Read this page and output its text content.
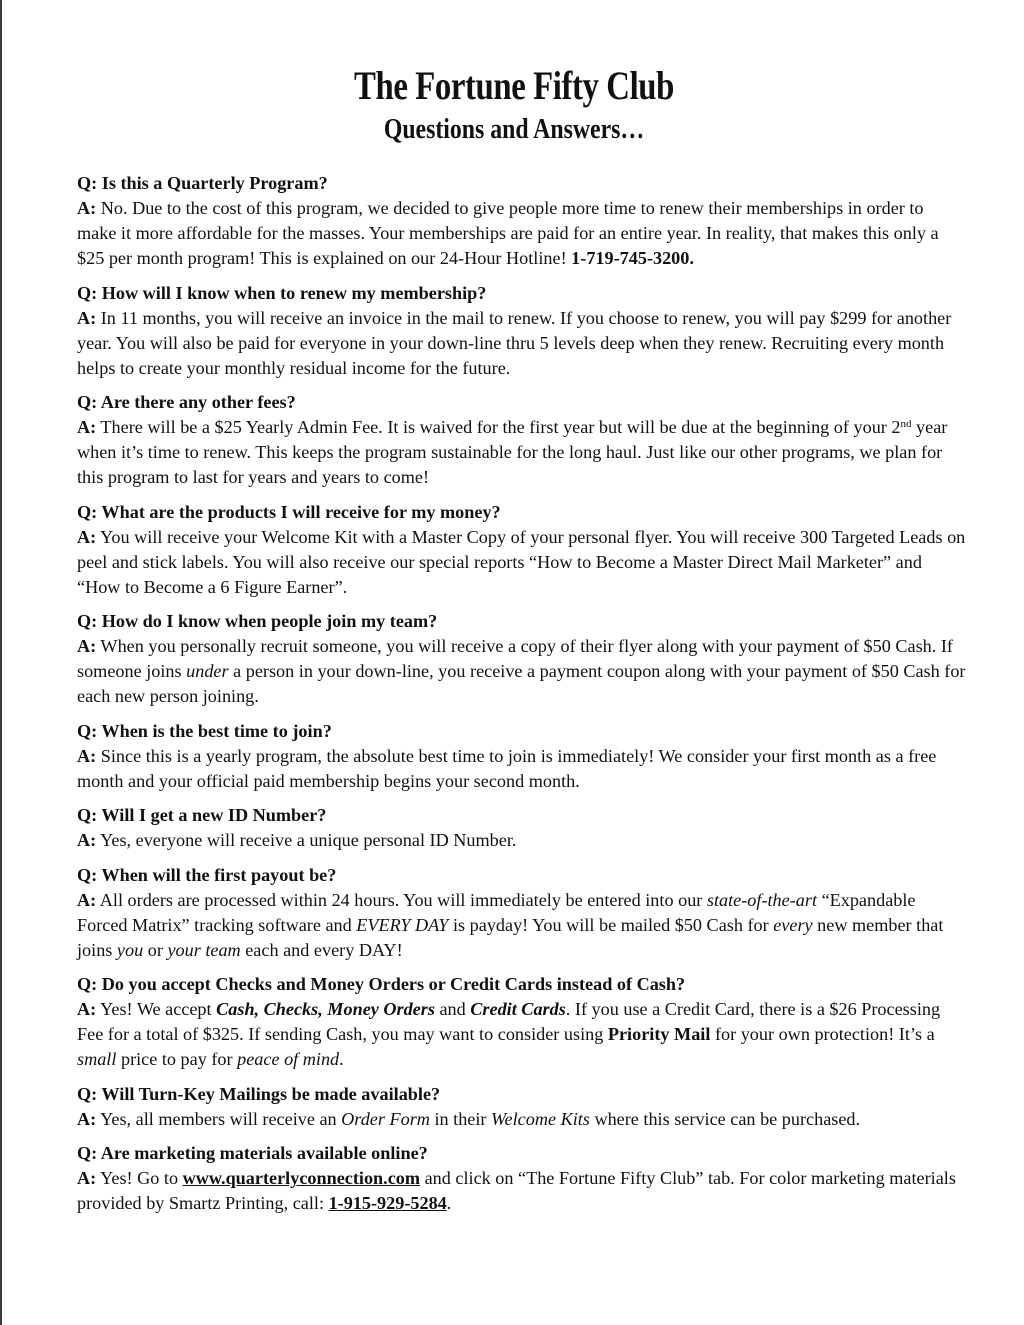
The Fortune Fifty Club
Questions and Answers…
Q: Is this a Quarterly Program?
A: No. Due to the cost of this program, we decided to give people more time to renew their memberships in order to make it more affordable for the masses. Your memberships are paid for an entire year. In reality, that makes this only a $25 per month program! This is explained on our 24-Hour Hotline! 1-719-745-3200.
Q: How will I know when to renew my membership?
A: In 11 months, you will receive an invoice in the mail to renew. If you choose to renew, you will pay $299 for another year. You will also be paid for everyone in your down-line thru 5 levels deep when they renew. Recruiting every month helps to create your monthly residual income for the future.
Q: Are there any other fees?
A: There will be a $25 Yearly Admin Fee. It is waived for the first year but will be due at the beginning of your 2nd year when it’s time to renew. This keeps the program sustainable for the long haul. Just like our other programs, we plan for this program to last for years and years to come!
Q: What are the products I will receive for my money?
A: You will receive your Welcome Kit with a Master Copy of your personal flyer. You will receive 300 Targeted Leads on peel and stick labels. You will also receive our special reports “How to Become a Master Direct Mail Marketer” and “How to Become a 6 Figure Earner”.
Q: How do I know when people join my team?
A: When you personally recruit someone, you will receive a copy of their flyer along with your payment of $50 Cash. If someone joins under a person in your down-line, you receive a payment coupon along with your payment of $50 Cash for each new person joining.
Q: When is the best time to join?
A: Since this is a yearly program, the absolute best time to join is immediately! We consider your first month as a free month and your official paid membership begins your second month.
Q: Will I get a new ID Number?
A: Yes, everyone will receive a unique personal ID Number.
Q: When will the first payout be?
A: All orders are processed within 24 hours. You will immediately be entered into our state-of-the-art “Expandable Forced Matrix” tracking software and EVERY DAY is payday! You will be mailed $50 Cash for every new member that joins you or your team each and every DAY!
Q: Do you accept Checks and Money Orders or Credit Cards instead of Cash?
A: Yes! We accept Cash, Checks, Money Orders and Credit Cards. If you use a Credit Card, there is a $26 Processing Fee for a total of $325. If sending Cash, you may want to consider using Priority Mail for your own protection! It’s a small price to pay for peace of mind.
Q: Will Turn-Key Mailings be made available?
A: Yes, all members will receive an Order Form in their Welcome Kits where this service can be purchased.
Q: Are marketing materials available online?
A: Yes! Go to www.quarterlyconnection.com and click on “The Fortune Fifty Club” tab. For color marketing materials provided by Smartz Printing, call: 1-915-929-5284.
